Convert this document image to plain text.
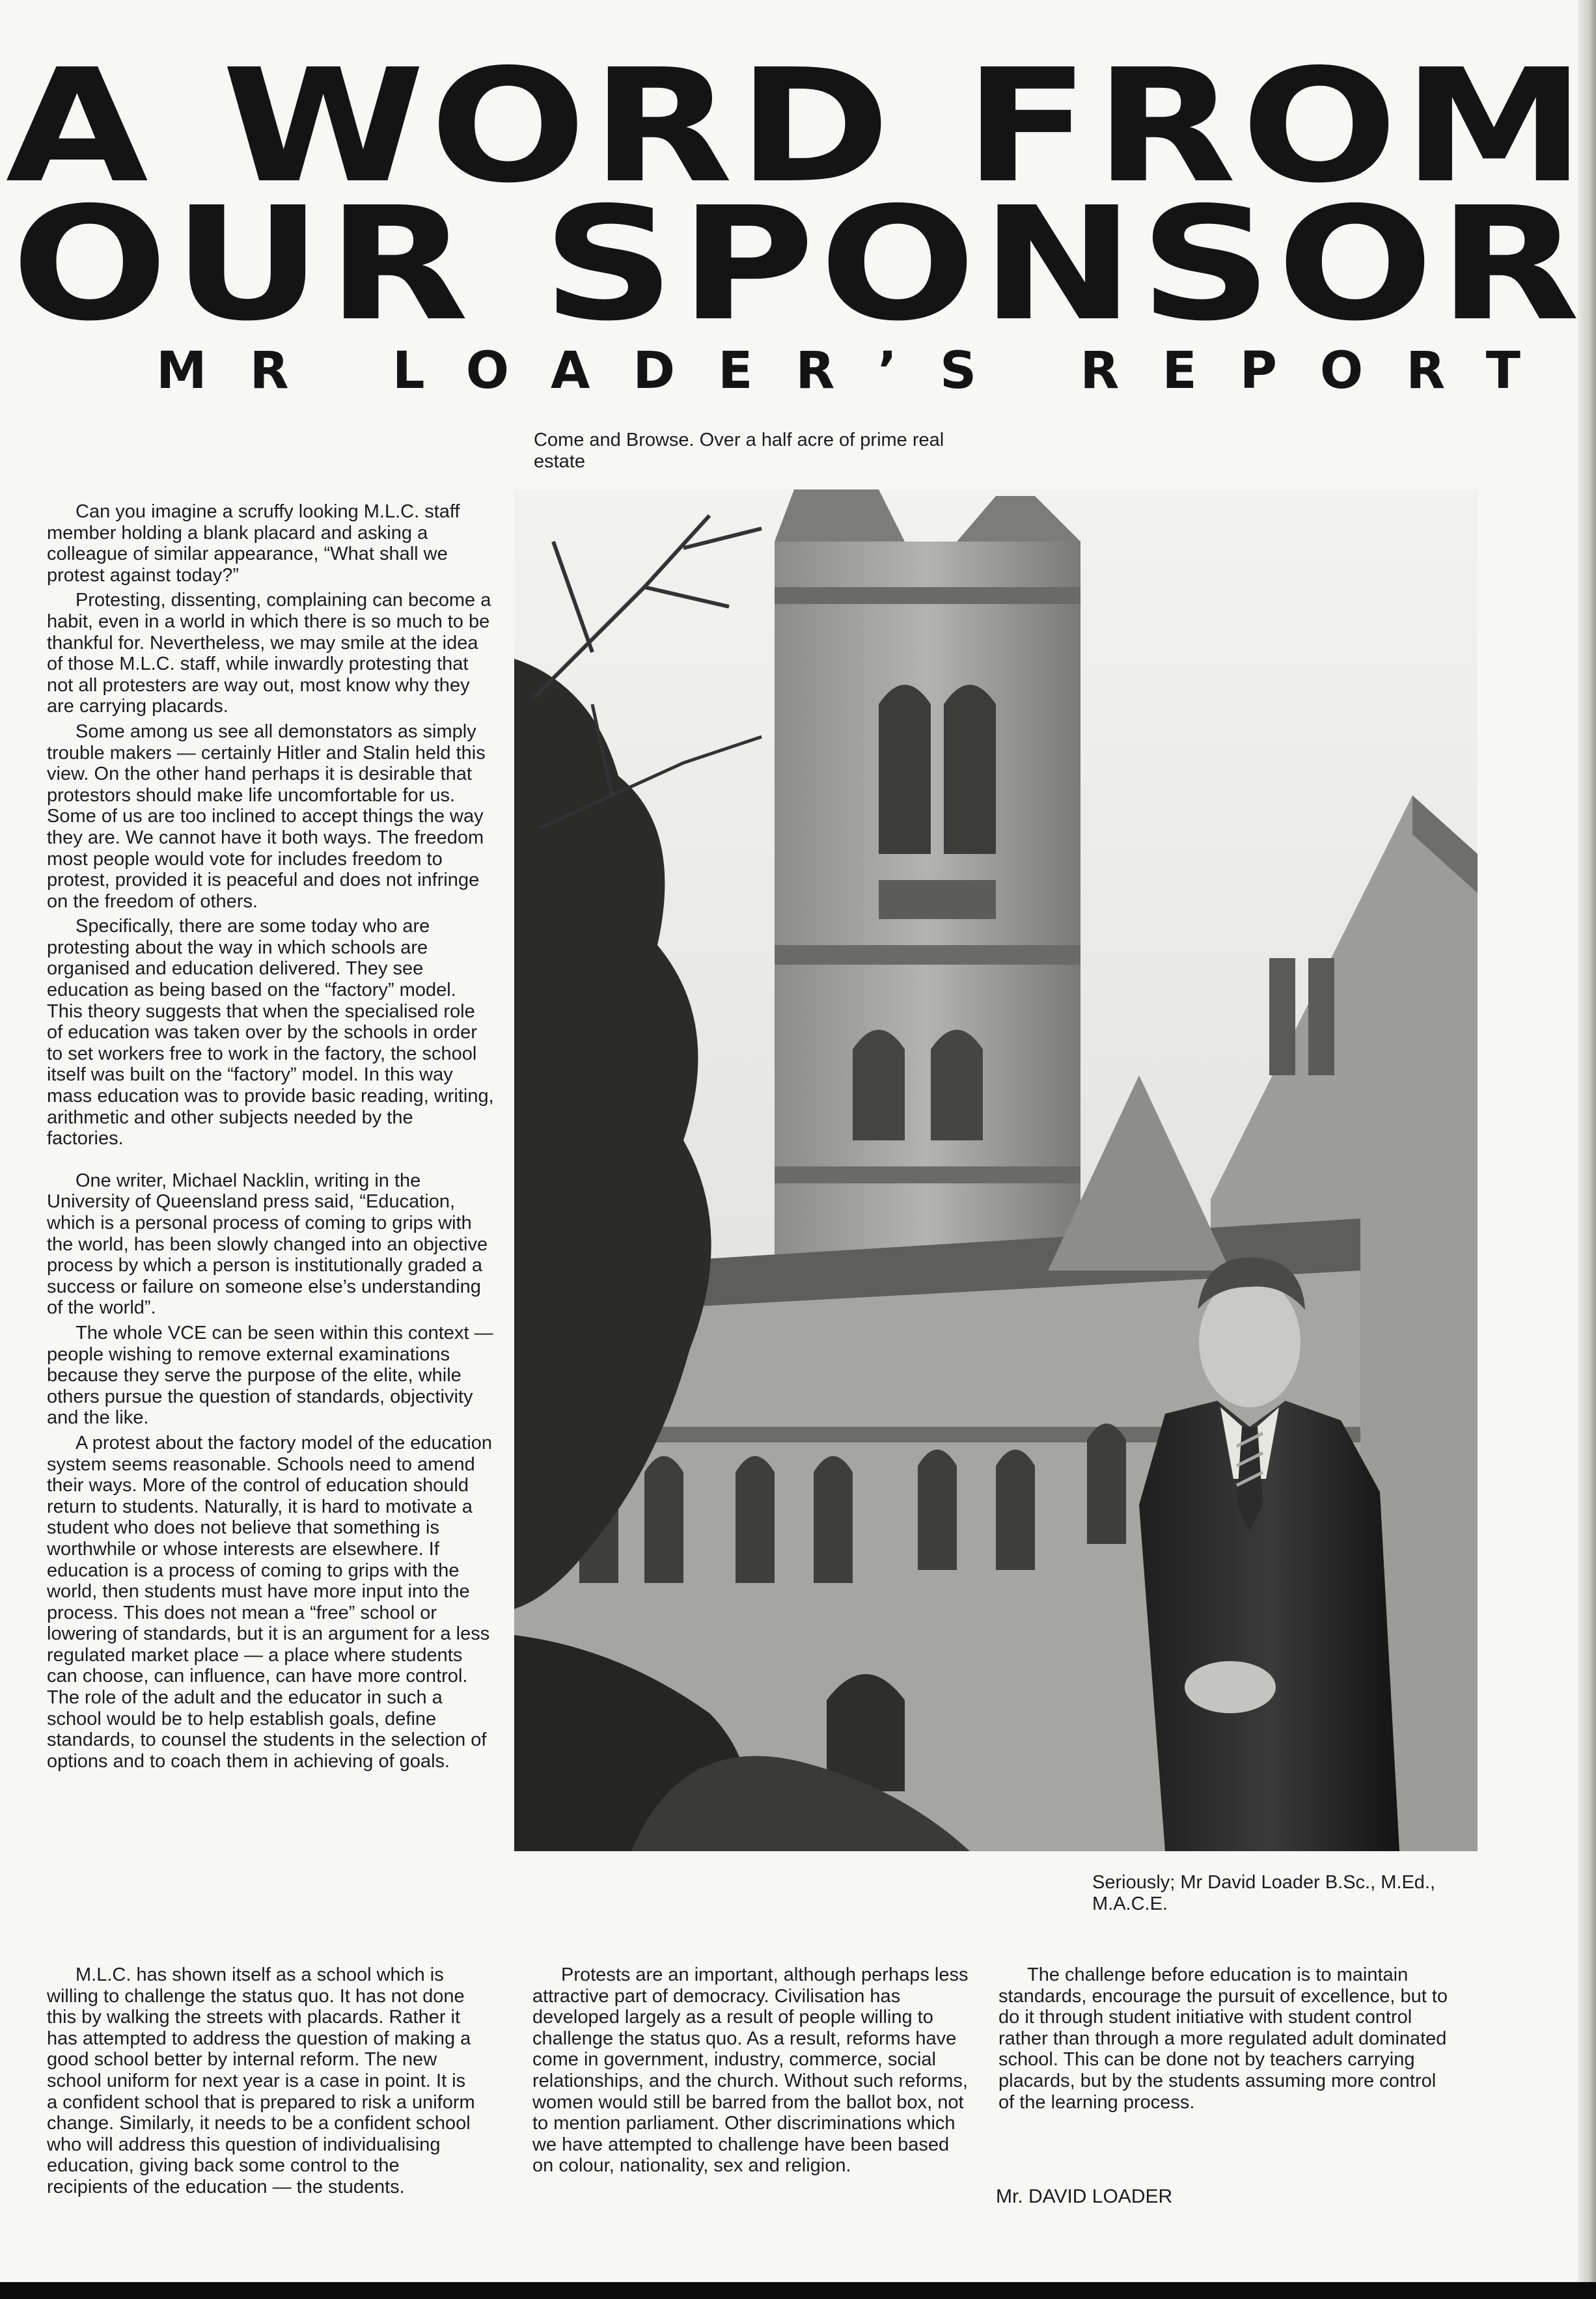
A WORD FROM
OUR SPONSOR
MR LOADER’S REPORT
Come and Browse. Over a half acre of prime real estate
Seriously; Mr David Loader B.Sc., M.Ed., M.A.C.E.

Can you imagine a scruffy looking M.L.C. staff member holding a blank placard and asking a colleague of similar appearance, “What shall we protest against today?”

Protesting, dissenting, complaining can become a habit, even in a world in which there is so much to be thankful for. Nevertheless, we may smile at the idea of those M.L.C. staff, while inwardly protesting that not all protesters are way out, most know why they are carrying placards.

Some among us see all demonstators as simply trouble makers — certainly Hitler and Stalin held this view. On the other hand perhaps it is desirable that protestors should make life uncomfortable for us. Some of us are too inclined to accept things the way they are. We cannot have it both ways. The freedom most people would vote for includes freedom to protest, provided it is peaceful and does not infringe on the freedom of others.

Specifically, there are some today who are protesting about the way in which schools are organised and education delivered. They see education as being based on the “factory” model. This theory suggests that when the specialised role of education was taken over by the schools in order to set workers free to work in the factory, the school itself was built on the “factory” model. In this way mass education was to provide basic reading, writing, arithmetic and other subjects needed by the factories.

One writer, Michael Nacklin, writing in the University of Queensland press said, “Education, which is a personal process of coming to grips with the world, has been slowly changed into an objective process by which a person is institutionally graded a success or failure on someone else’s understanding of the world”.

The whole VCE can be seen within this context — people wishing to remove external examinations because they serve the purpose of the elite, while others pursue the question of standards, objectivity and the like.

A protest about the factory model of the education system seems reasonable. Schools need to amend their ways. More of the control of education should return to students. Naturally, it is hard to motivate a student who does not believe that something is worthwhile or whose interests are elsewhere. If education is a process of coming to grips with the world, then students must have more input into the process. This does not mean a “free” school or lowering of standards, but it is an argument for a less regulated market place — a place where students can choose, can influence, can have more control. The role of the adult and the educator in such a school would be to help establish goals, define standards, to counsel the students in the selection of options and to coach them in achieving of goals.

M.L.C. has shown itself as a school which is willing to challenge the status quo. It has not done this by walking the streets with placards. Rather it has attempted to address the question of making a good school better by internal reform. The new school uniform for next year is a case in point. It is a confident school that is prepared to risk a uniform change. Similarly, it needs to be a confident school who will address this question of individualising education, giving back some control to the recipients of the education — the students.

Protests are an important, although perhaps less attractive part of democracy. Civilisation has developed largely as a result of people willing to challenge the status quo. As a result, reforms have come in government, industry, commerce, social relationships, and the church. Without such reforms, women would still be barred from the ballot box, not to mention parliament. Other discriminations which we have attempted to challenge have been based on colour, nationality, sex and religion.

The challenge before education is to maintain standards, encourage the pursuit of excellence, but to do it through student initiative with student control rather than through a more regulated adult dominated school. This can be done not by teachers carrying placards, but by the students assuming more control of the learning process.

Mr. DAVID LOADER
